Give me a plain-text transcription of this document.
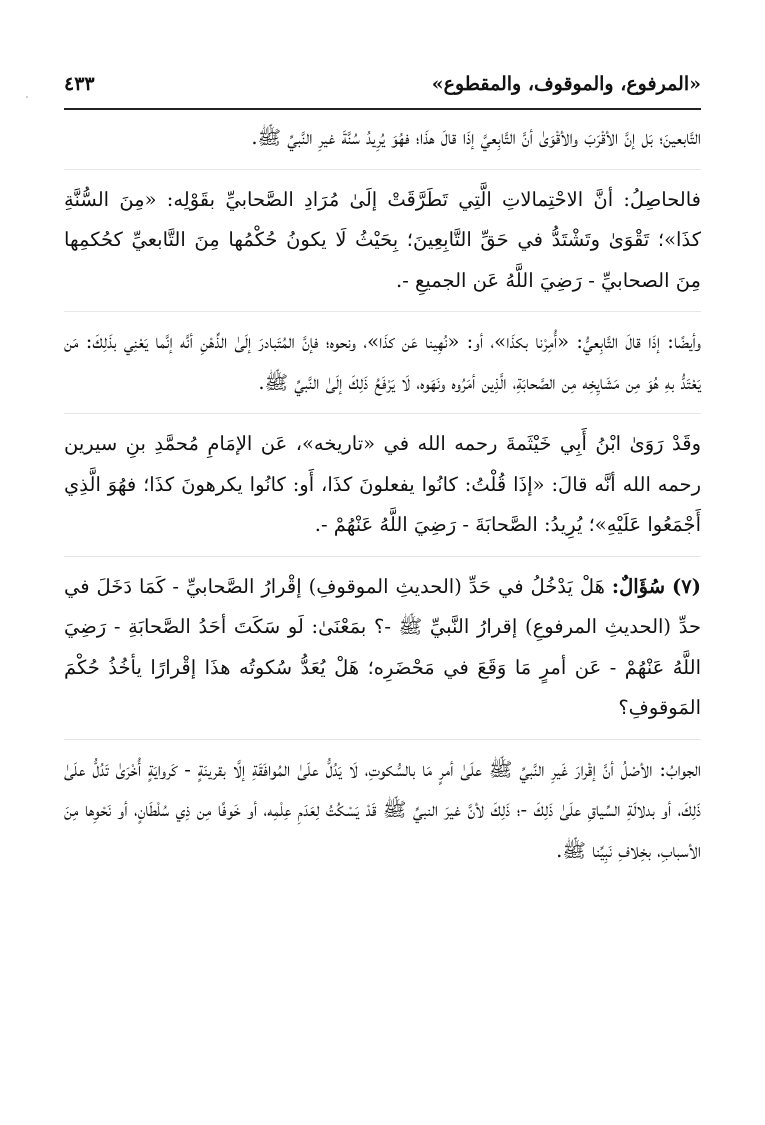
«المرفوع، والموقوف، والمقطوع»
٤٣٣

التَّابعينَ؛ بَل إنَّ الأقْرَبَ والأقْوَىٰ أنَّ التَّابِعيَّ إذَا قالَ هذَا؛ فهُوَ يُرِيدُ سُنَّةَ غيرِ النَّبيِّ ﷺ.

فالحاصِلُ: أنَّ الاحْتِمالاتِ الَّتِي تَطَرَّقَتْ إلَىٰ مُرَادِ الصَّحابيِّ بقَوْلِه: «مِنَ السُّنَّةِ كذَا»؛ تَقْوَىٰ وتَشْتَدُّ في حَقِّ التَّابِعِينَ؛ بِحَيْثُ لَا يكونُ حُكْمُها مِنَ التَّابعيِّ كحُكمِها مِنَ الصحابيِّ - رَضِيَ اللَّهُ عَن الجميعِ -.

وأيضًا: إذَا قالَ التَّابِعيُّ: «أُمِرْنا بكذَا»، أو: «نُهِينا عَن كذَا»، ونحوه؛ فإنَّ المُتَبادرَ إلَىٰ الذِّهْنِ أنَّه إنَّما يَعْنِي بذَلِكَ: مَن يَعْتَدُّ بهِ هُوَ مِن مَشَايِخِه مِن الصَّحابَةِ، الَّذِين أمَرُوه ونَهَوه، لَا يَرْفَعُ ذَلِكَ إلَىٰ النَّبيِّ ﷺ.

وقَدْ رَوَىٰ ابْنُ أَبِي خَيْثَمةَ رحمه الله في «تاريخه»، عَن الإمَامِ مُحمَّدِ بنِ سيرين رحمه الله أنَّه قالَ: «إذَا قُلْتُ: كانُوا يفعلونَ كذَا، أَو: كانُوا يكرهونَ كذَا؛ فهُوَ الَّذِي أَجْمَعُوا عَلَيْهِ»؛ يُرِيدُ: الصَّحابَةَ - رَضِيَ اللَّهُ عَنْهُمْ -.

(٧) سُؤَالٌ: هَلْ يَدْخُلُ في حَدِّ (الحديثِ الموقوفِ) إقْرارُ الصَّحابيِّ - كَمَا دَخَلَ في حدِّ (الحديثِ المرفوعِ) إقرارُ النَّبيِّ ﷺ -؟ بمَعْنَىٰ: لَو سَكَتَ أحَدُ الصَّحابَةِ - رَضِيَ اللَّهُ عَنْهُمْ - عَن أمرٍ مَا وَقَعَ في مَحْضَرِه؛ هَلْ يُعَدُّ سُكوتُه هذَا إقْرارًا يأخُذُ حُكْمَ المَوقوفِ؟

الجوابُ: الأصْلُ أنَّ إقْرارَ غَيرِ النَّبيِّ ﷺ علَىٰ أمرٍ مَا بالسُّكوتِ، لَا يَدُلُّ علَىٰ المُوافَقَةِ إلَّا بقرينَةٍ - كَروايَةٍ أُخْرَىٰ تَدُلُّ علَىٰ ذَلِكَ، أو بدلالَةِ السِّياقِ علَىٰ ذَلِكَ -؛ ذَلِكَ لأنَّ غيرَ النبيِّ ﷺ قَدْ يَسْكُتُ لِعَدَمِ عِلْمِه، أو خَوفًا مِن ذِي سُلْطَانٍ، أو نَحْوِها مِنَ الأسبابِ، بخِلافِ نَبِيِّنا ﷺ.
